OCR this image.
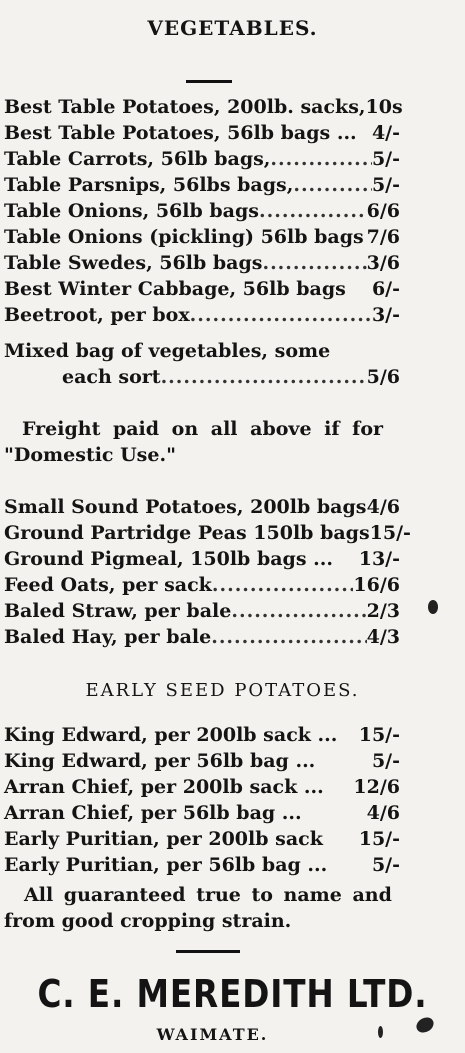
VEGETABLES.
Best Table Potatoes, 200lb. sacks, 10s
Best Table Potatoes, 56lb bags ... 4/-
Table Carrots, 56lb bags, .....	5/-
Table Parsnips, 56lbs bags, .....	5/-
Table Onions, 56lb bags .....	6/6
Table Onions (pickling) 56lb bags 7/6
Table Swedes, 56lb bags .....	3/6
Best Winter Cabbage, 56lb bags 6/-
Beetroot, per box .....	3/-
Mixed bag of vegetables, some
each sort .....	5/6
Freight paid on all above if for
"Domestic Use."
Small Sound Potatoes, 200lb bags 4/6
Ground Partridge Peas 150lb bags 15/-
Ground Pigmeal, 150lb bags ... 13/-
Feed Oats, per sack .....	16/6
Baled Straw, per bale .....	2/3
Baled Hay, per bale .....	4/3
EARLY SEED POTATOES.
King Edward, per 200lb sack ... 15/-
King Edward, per 56lb bag ...	5/-
Arran Chief, per 200lb sack ... 12/6
Arran Chief, per 56lb bag ...	4/6
Early Puritian, per 200lb sack 15/-
Early Puritian, per 56lb bag ... 5/-
All guaranteed true to name and
from good cropping strain.
C. E. MEREDITH LTD.
WAIMATE.
